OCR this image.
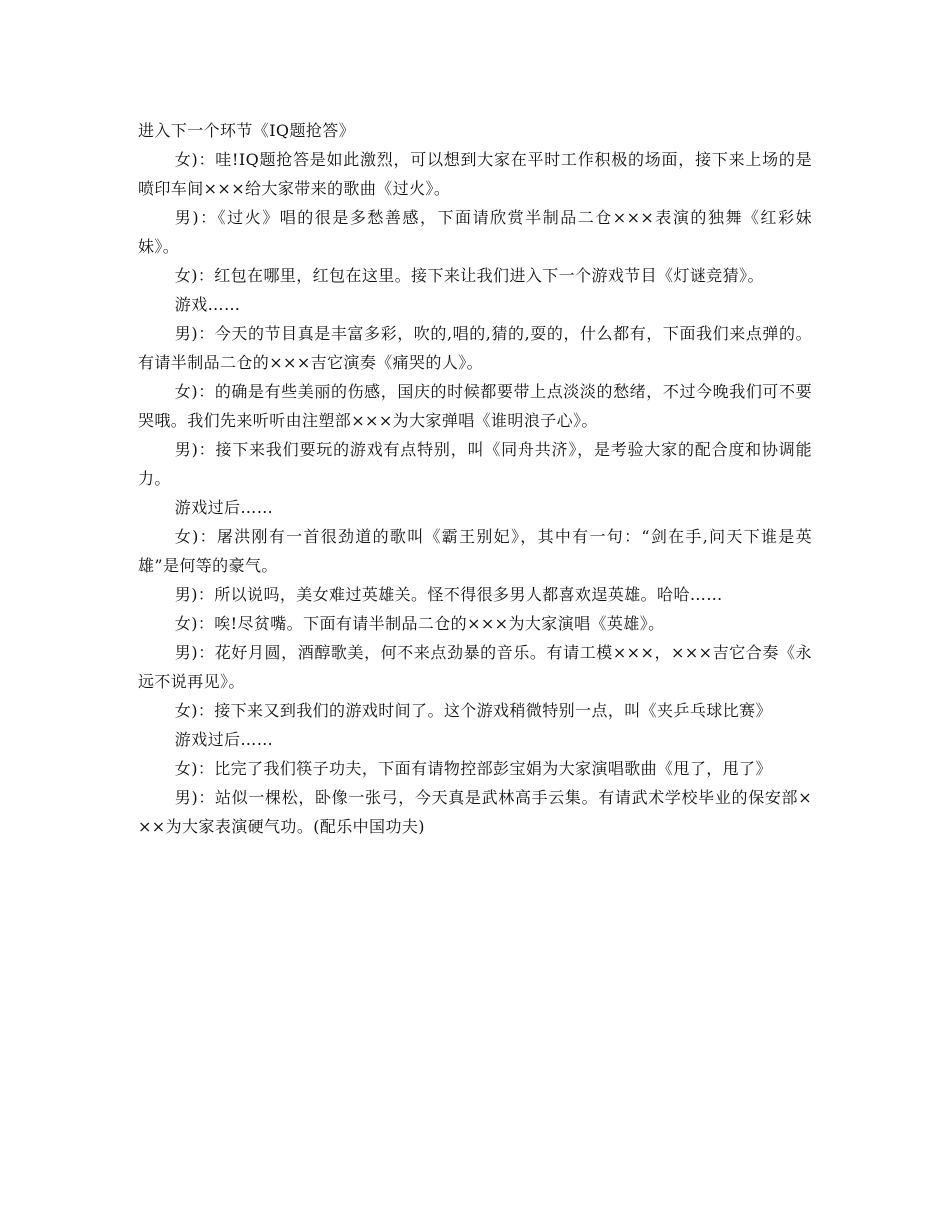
进入下一个环节《IQ题抢答》

女)：哇!IQ题抢答是如此激烈，可以想到大家在平时工作积极的场面，接下来上场的是喷印车间×××给大家带来的歌曲《过火》。

男)：《过火》唱的很是多愁善感，下面请欣赏半制品二仓×××表演的独舞《红彩妹妹》。

女)：红包在哪里，红包在这里。接下来让我们进入下一个游戏节目《灯谜竞猜》。

游戏……

男)：今天的节目真是丰富多彩，吹的,唱的,猜的,耍的，什么都有，下面我们来点弹的。有请半制品二仓的×××吉它演奏《痛哭的人》。

女)：的确是有些美丽的伤感，国庆的时候都要带上点淡淡的愁绪，不过今晚我们可不要哭哦。我们先来听听由注塑部×××为大家弹唱《谁明浪子心》。

男)：接下来我们要玩的游戏有点特别，叫《同舟共济》，是考验大家的配合度和协调能力。

游戏过后……

女)：屠洪刚有一首很劲道的歌叫《霸王别妃》，其中有一句：“剑在手,问天下谁是英雄”是何等的豪气。

男)：所以说吗，美女难过英雄关。怪不得很多男人都喜欢逞英雄。哈哈……

女)：唉!尽贫嘴。下面有请半制品二仓的×××为大家演唱《英雄》。

男)：花好月圆，酒醇歌美，何不来点劲暴的音乐。有请工模×××，×××吉它合奏《永远不说再见》。

女)：接下来又到我们的游戏时间了。这个游戏稍微特别一点，叫《夹乒乓球比赛》

游戏过后……

女)：比完了我们筷子功夫，下面有请物控部彭宝娟为大家演唱歌曲《甩了，甩了》

男)：站似一棵松，卧像一张弓，今天真是武林高手云集。有请武术学校毕业的保安部×××为大家表演硬气功。(配乐中国功夫)
